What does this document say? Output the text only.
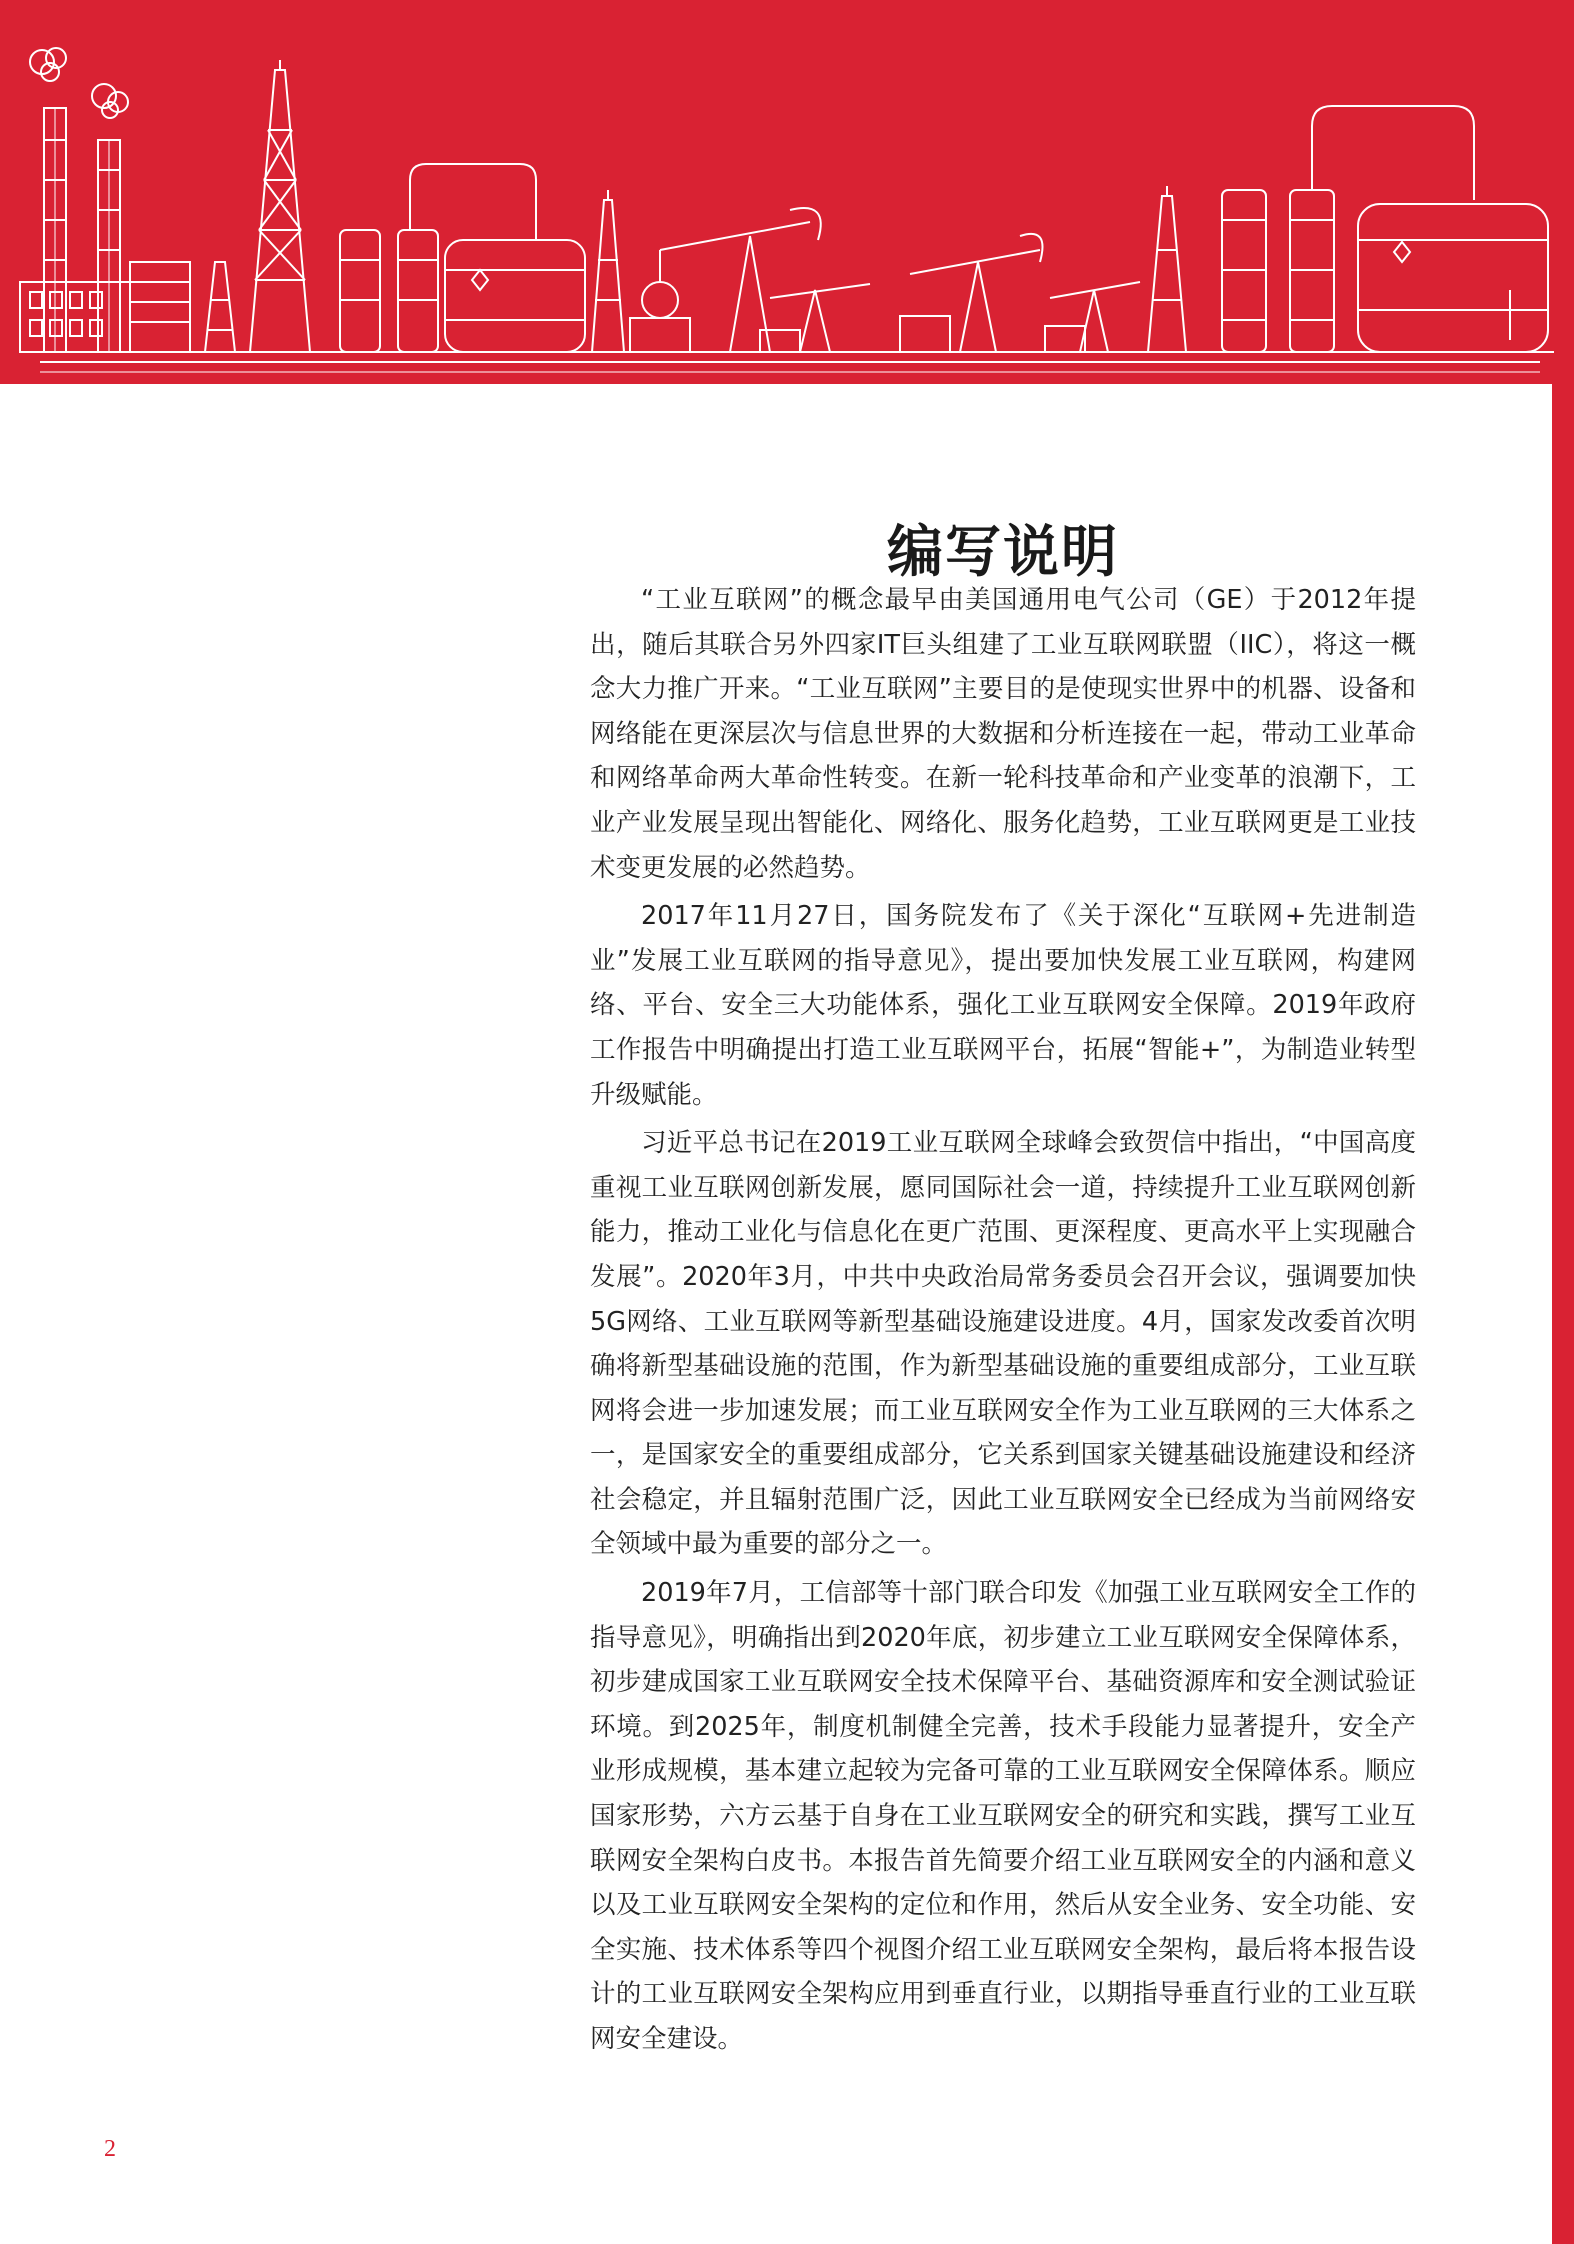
编写说明

“工业互联网”的概念最早由美国通用电气公司（GE）于2012年提出，随后其联合另外四家IT巨头组建了工业互联网联盟（IIC），将这一概念大力推广开来。“工业互联网”主要目的是使现实世界中的机器、设备和网络能在更深层次与信息世界的大数据和分析连接在一起，带动工业革命和网络革命两大革命性转变。在新一轮科技革命和产业变革的浪潮下，工业产业发展呈现出智能化、网络化、服务化趋势，工业互联网更是工业技术变更发展的必然趋势。

2017年11月27日，国务院发布了《关于深化“互联网+先进制造业”发展工业互联网的指导意见》，提出要加快发展工业互联网，构建网络、平台、安全三大功能体系，强化工业互联网安全保障。2019年政府工作报告中明确提出打造工业互联网平台，拓展“智能+”，为制造业转型升级赋能。

习近平总书记在2019工业互联网全球峰会致贺信中指出，“中国高度重视工业互联网创新发展，愿同国际社会一道，持续提升工业互联网创新能力，推动工业化与信息化在更广范围、更深程度、更高水平上实现融合发展”。2020年3月，中共中央政治局常务委员会召开会议，强调要加快5G网络、工业互联网等新型基础设施建设进度。4月，国家发改委首次明确将新型基础设施的范围，作为新型基础设施的重要组成部分，工业互联网将会进一步加速发展；而工业互联网安全作为工业互联网的三大体系之一，是国家安全的重要组成部分，它关系到国家关键基础设施建设和经济社会稳定，并且辐射范围广泛，因此工业互联网安全已经成为当前网络安全领域中最为重要的部分之一。

2019年7月，工信部等十部门联合印发《加强工业互联网安全工作的指导意见》，明确指出到2020年底，初步建立工业互联网安全保障体系，初步建成国家工业互联网安全技术保障平台、基础资源库和安全测试验证环境。到2025年，制度机制健全完善，技术手段能力显著提升，安全产业形成规模，基本建立起较为完备可靠的工业互联网安全保障体系。顺应国家形势，六方云基于自身在工业互联网安全的研究和实践，撰写工业互联网安全架构白皮书。本报告首先简要介绍工业互联网安全的内涵和意义以及工业互联网安全架构的定位和作用，然后从安全业务、安全功能、安全实施、技术体系等四个视图介绍工业互联网安全架构，最后将本报告设计的工业互联网安全架构应用到垂直行业，以期指导垂直行业的工业互联网安全建设。

2
